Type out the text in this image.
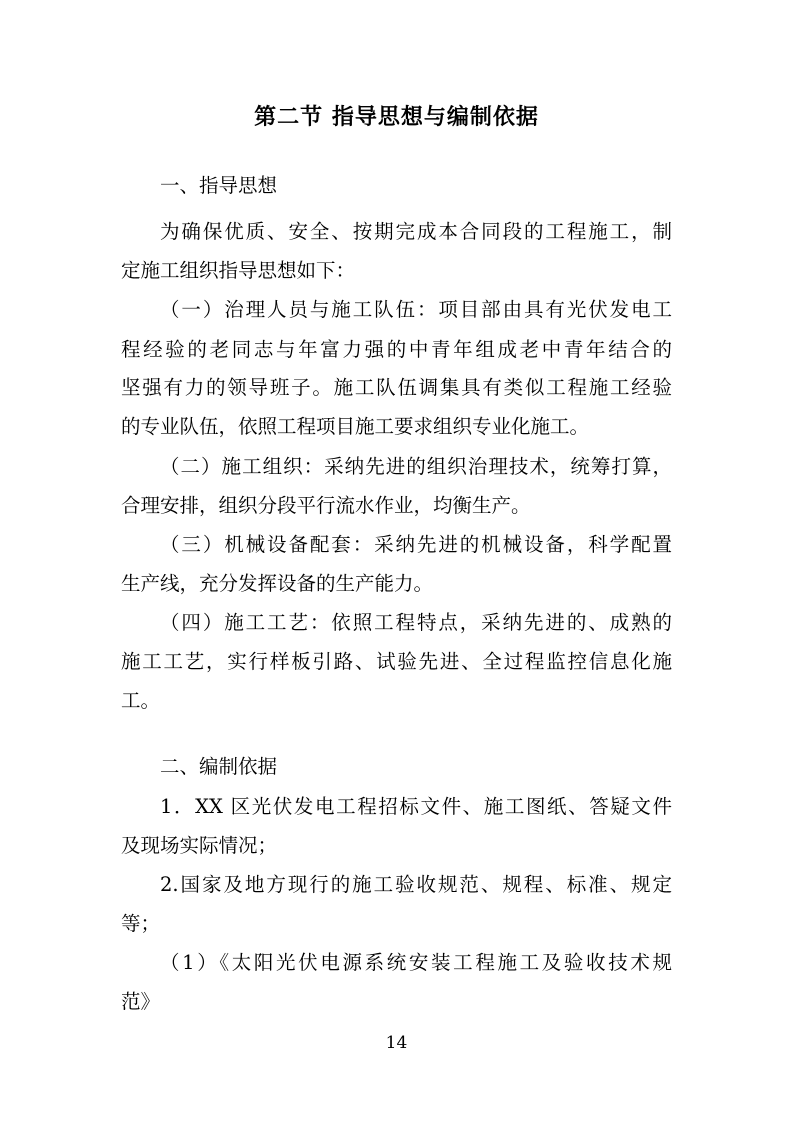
第二节 指导思想与编制依据

一、指导思想

为确保优质、安全、按期完成本合同段的工程施工，制

定施工组织指导思想如下：

（一）治理人员与施工队伍：项目部由具有光伏发电工

程经验的老同志与年富力强的中青年组成老中青年结合的

坚强有力的领导班子。施工队伍调集具有类似工程施工经验

的专业队伍，依照工程项目施工要求组织专业化施工。

（二）施工组织：采纳先进的组织治理技术，统筹打算，

合理安排，组织分段平行流水作业，均衡生产。

（三）机械设备配套：采纳先进的机械设备，科学配置

生产线，充分发挥设备的生产能力。

（四）施工工艺：依照工程特点，采纳先进的、成熟的

施工工艺，实行样板引路、试验先进、全过程监控信息化施

工。

二、编制依据

1．XX 区光伏发电工程招标文件、施工图纸、答疑文件

及现场实际情况；

2.国家及地方现行的施工验收规范、规程、标准、规定

等；

（1）《太阳光伏电源系统安装工程施工及验收技术规

范》

14
